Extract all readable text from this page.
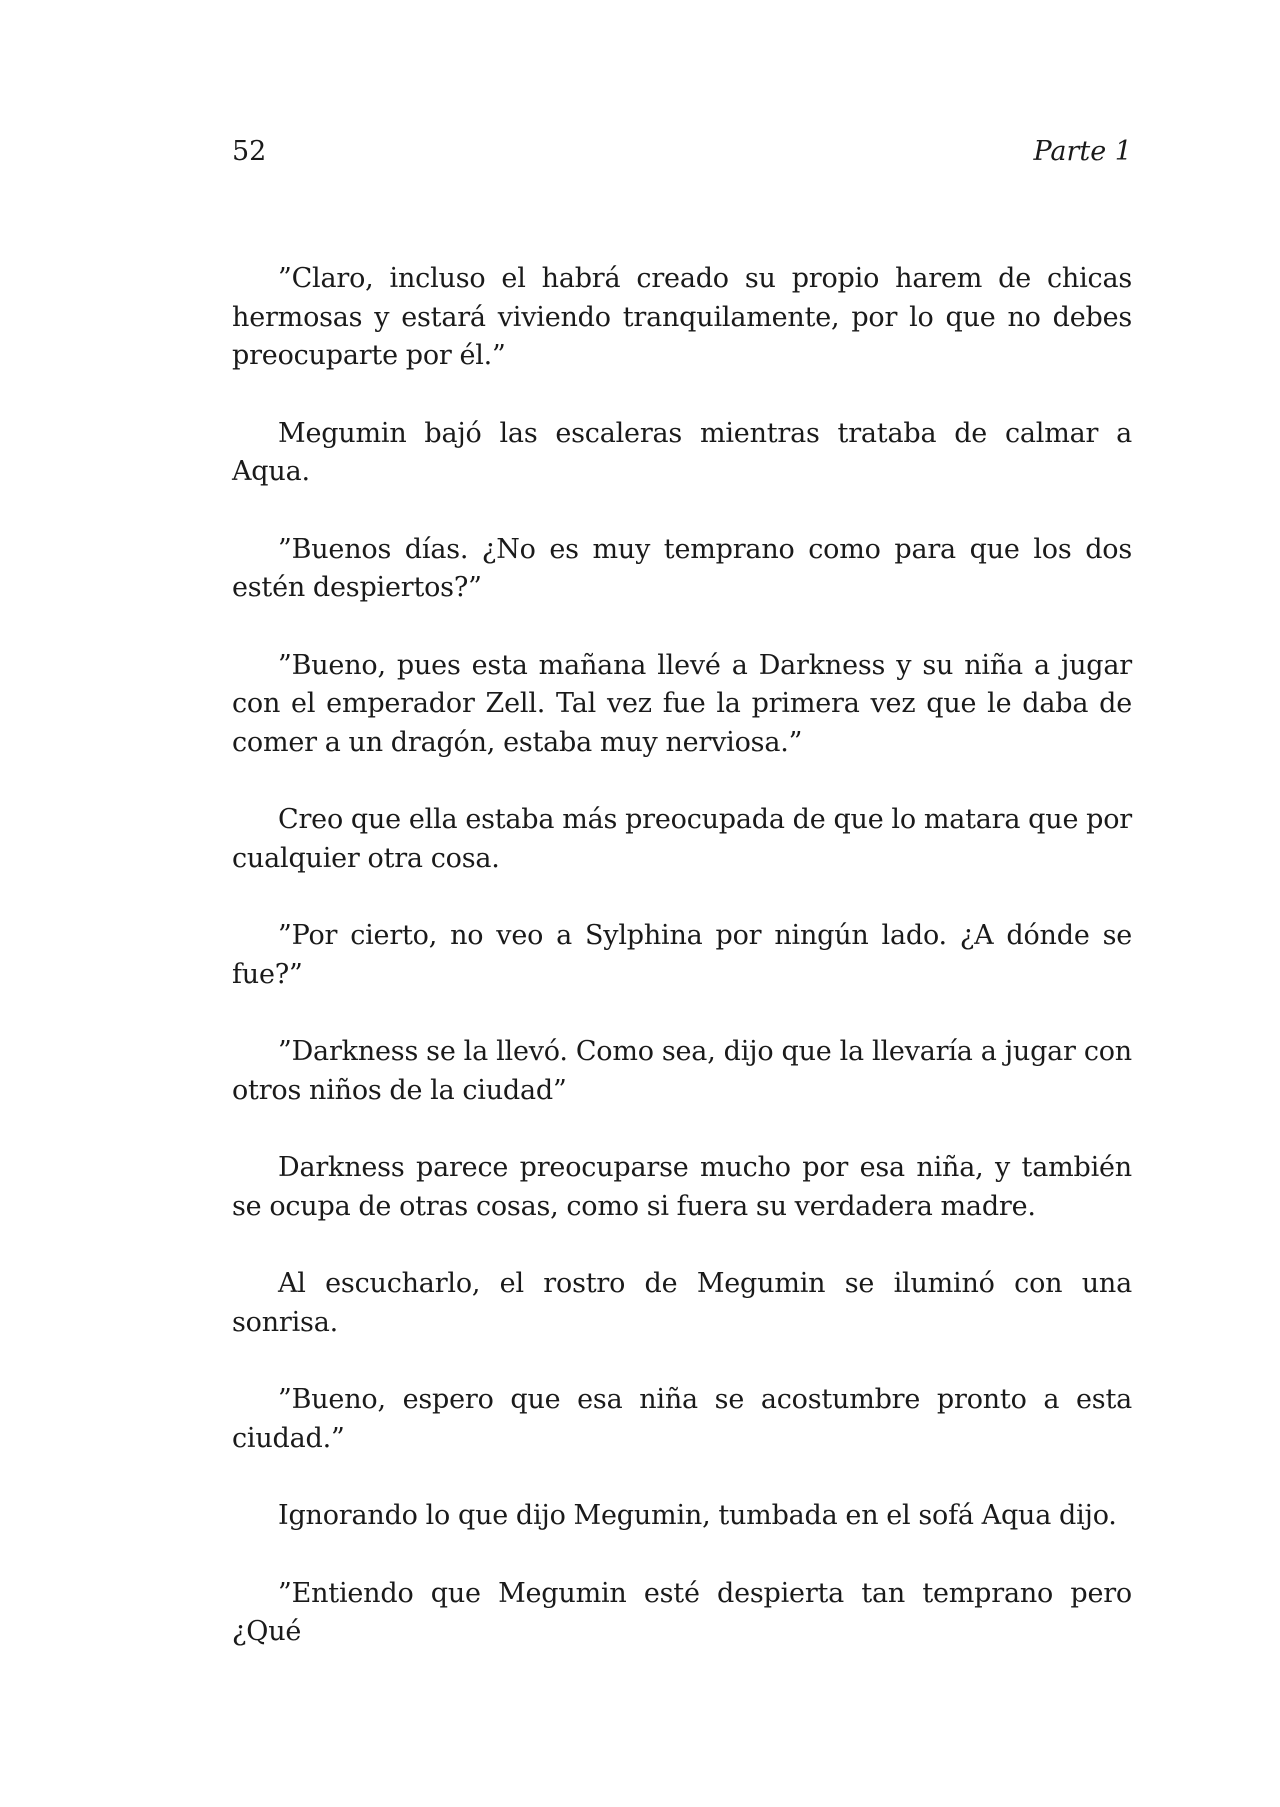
52	Parte 1

”Claro, incluso el habrá creado su propio harem de chicas hermosas y estará viviendo tranquilamente, por lo que no debes preocuparte por él.”

Megumin bajó las escaleras mientras trataba de calmar a Aqua.

”Buenos días. ¿No es muy temprano como para que los dos estén despiertos?”

”Bueno, pues esta mañana llevé a Darkness y su niña a jugar con el emperador Zell. Tal vez fue la primera vez que le daba de comer a un dragón, estaba muy nerviosa.”

Creo que ella estaba más preocupada de que lo matara que por cualquier otra cosa.

”Por cierto, no veo a Sylphina por ningún lado. ¿A dónde se fue?”

”Darkness se la llevó. Como sea, dijo que la llevaría a jugar con otros niños de la ciudad”

Darkness parece preocuparse mucho por esa niña, y también se ocupa de otras cosas, como si fuera su verdadera madre.

Al escucharlo, el rostro de Megumin se iluminó con una sonrisa.

”Bueno, espero que esa niña se acostumbre pronto a esta ciudad.”

Ignorando lo que dijo Megumin, tumbada en el sofá Aqua dijo.

”Entiendo que Megumin esté despierta tan temprano pero ¿Qué
